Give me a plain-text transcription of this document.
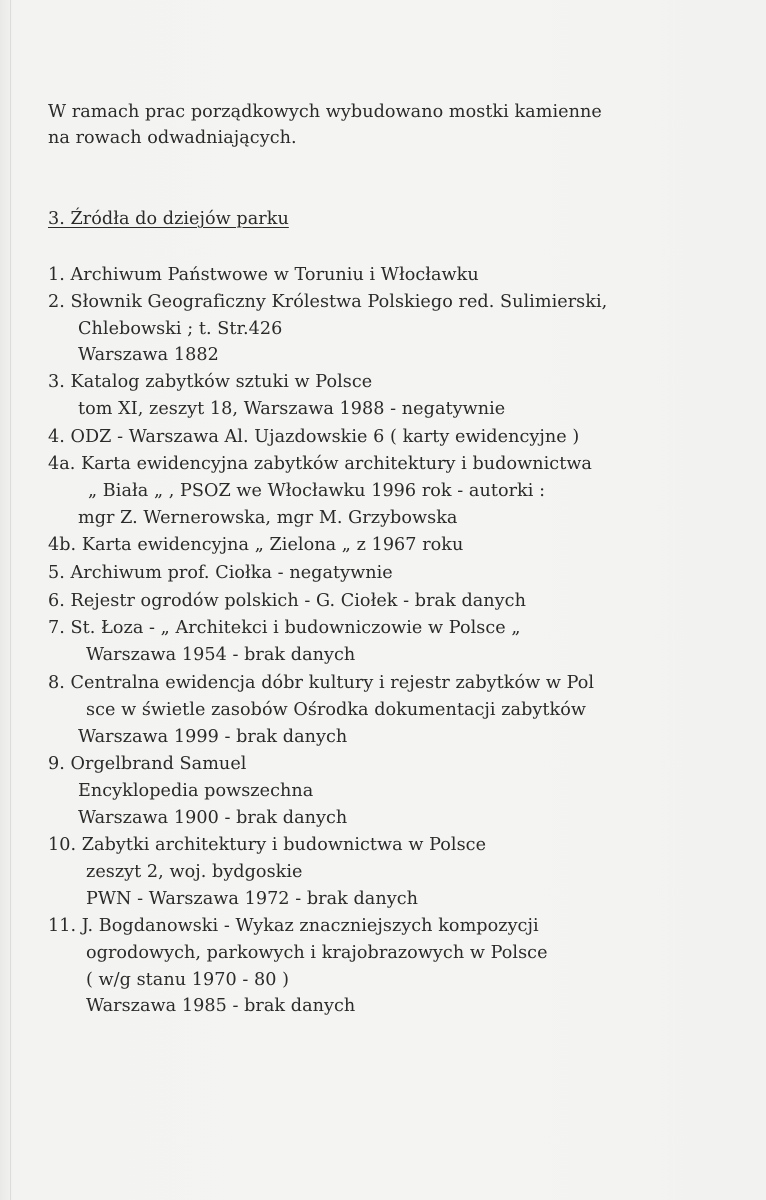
W ramach prac porządkowych wybudowano mostki kamienne
na rowach odwadniających.
3. Źródła do dziejów parku
1. Archiwum Państwowe w Toruniu i Włocławku
2. Słownik Geograficzny Królestwa Polskiego red. Sulimierski,
Chlebowski ; t. Str.426
Warszawa 1882
3. Katalog zabytków sztuki w Polsce
tom XI, zeszyt 18, Warszawa 1988 - negatywnie
4. ODZ - Warszawa Al. Ujazdowskie 6 ( karty ewidencyjne )
4a. Karta ewidencyjna zabytków architektury i budownictwa
„ Biała „ , PSOZ we Włocławku 1996 rok - autorki :
mgr Z. Wernerowska, mgr M. Grzybowska
4b. Karta ewidencyjna „ Zielona „ z 1967 roku
5. Archiwum prof. Ciołka - negatywnie
6. Rejestr ogrodów polskich - G. Ciołek - brak danych
7. St. Łoza - „ Architekci i budowniczowie w Polsce „
Warszawa 1954 - brak danych
8. Centralna ewidencja dóbr kultury i rejestr zabytków w Pol
sce w świetle zasobów Ośrodka dokumentacji zabytków
Warszawa 1999 - brak danych
9. Orgelbrand Samuel
Encyklopedia powszechna
Warszawa 1900 - brak danych
10. Zabytki architektury i budownictwa w Polsce
zeszyt 2, woj. bydgoskie
PWN - Warszawa 1972 - brak danych
11. J. Bogdanowski - Wykaz znaczniejszych kompozycji
ogrodowych, parkowych i krajobrazowych w Polsce
( w/g stanu 1970 - 80 )
Warszawa 1985 - brak danych
